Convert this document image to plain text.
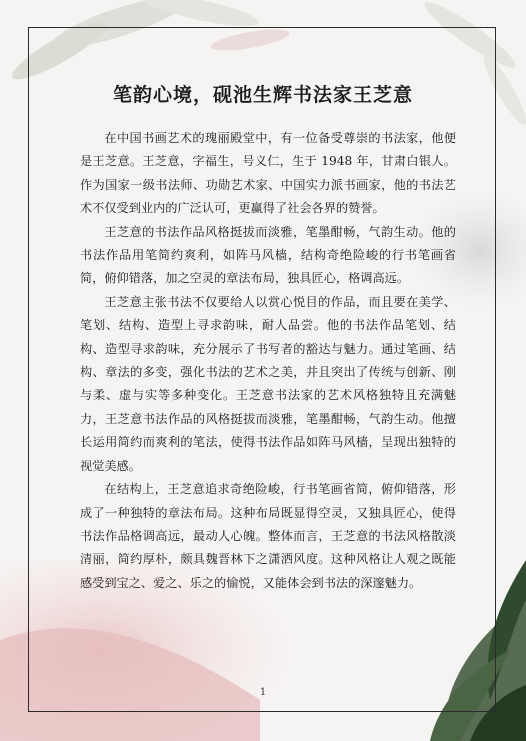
笔韵心境，砚池生辉书法家王芝意

在中国书画艺术的瑰丽殿堂中，有一位备受尊崇的书法家，他便是王芝意。王芝意，字福生，号义仁，生于 1948 年，甘肃白银人。作为国家一级书法师、功勋艺术家、中国实力派书画家，他的书法艺术不仅受到业内的广泛认可，更赢得了社会各界的赞誉。

王芝意的书法作品风格挺拔而淡雅，笔墨酣畅，气韵生动。他的书法作品用笔简约爽利，如阵马风樯，结构奇绝险峻的行书笔画省简，俯仰错落，加之空灵的章法布局，独具匠心，格调高远。

王芝意主张书法不仅要给人以赏心悦目的作品，而且要在美学、笔划、结构、造型上寻求韵味，耐人品尝。他的书法作品笔划、结构、造型寻求韵味，充分展示了书写者的豁达与魅力。通过笔画、结构、章法的多变，强化书法的艺术之美，并且突出了传统与创新、刚与柔、虚与实等多种变化。王芝意书法家的艺术风格独特且充满魅力，王芝意书法作品的风格挺拔而淡雅，笔墨酣畅，气韵生动。他擅长运用简约而爽利的笔法，使得书法作品如阵马风樯，呈现出独特的视觉美感。

在结构上，王芝意追求奇绝险峻，行书笔画省简，俯仰错落，形成了一种独特的章法布局。这种布局既显得空灵，又独具匠心，使得书法作品格调高远，最动人心魄。整体而言，王芝意的书法风格散淡清丽，简约厚朴，颇具魏晋林下之潇洒风度。这种风格让人观之既能感受到宝之、爱之、乐之的愉悦，又能体会到书法的深邃魅力。

1
